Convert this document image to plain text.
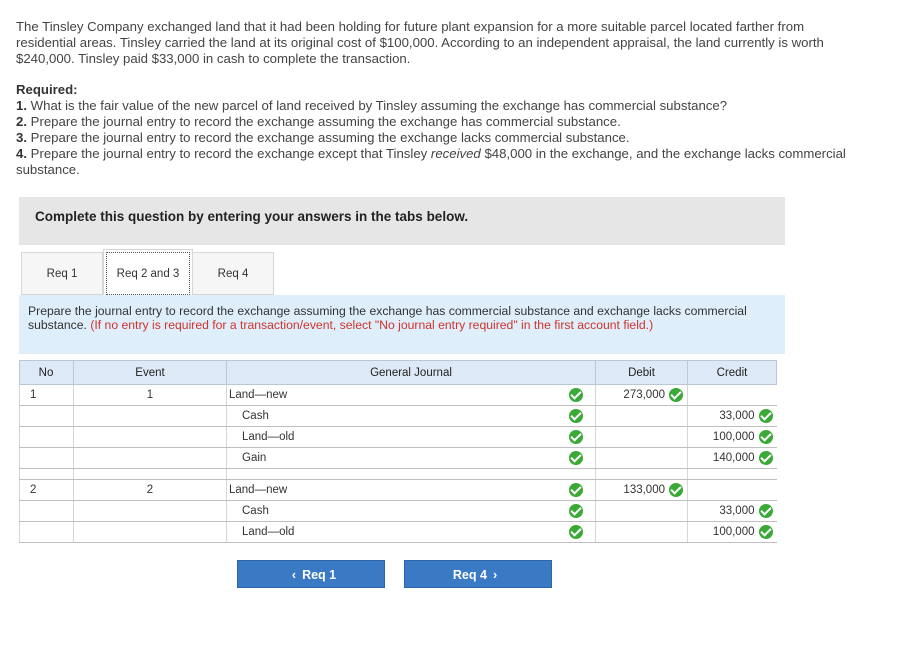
The Tinsley Company exchanged land that it had been holding for future plant expansion for a more suitable parcel located farther from residential areas. Tinsley carried the land at its original cost of $100,000. According to an independent appraisal, the land currently is worth $240,000. Tinsley paid $33,000 in cash to complete the transaction.
Required:
1. What is the fair value of the new parcel of land received by Tinsley assuming the exchange has commercial substance?
2. Prepare the journal entry to record the exchange assuming the exchange has commercial substance.
3. Prepare the journal entry to record the exchange assuming the exchange lacks commercial substance.
4. Prepare the journal entry to record the exchange except that Tinsley received $48,000 in the exchange, and the exchange lacks commercial substance.
Complete this question by entering your answers in the tabs below.
Req 1	Req 2 and 3	Req 4
Prepare the journal entry to record the exchange assuming the exchange has commercial substance and exchange lacks commercial substance. (If no entry is required for a transaction/event, select "No journal entry required" in the first account field.)
No	Event	General Journal	Debit	Credit
1	1	Land—new	273,000

		Cash		33,000

		Land—old		100,000

		Gain		140,000

2	2	Land—new	133,000

		Cash		33,000

		Land—old		100,000
‹ Req 1	Req 4 ›
